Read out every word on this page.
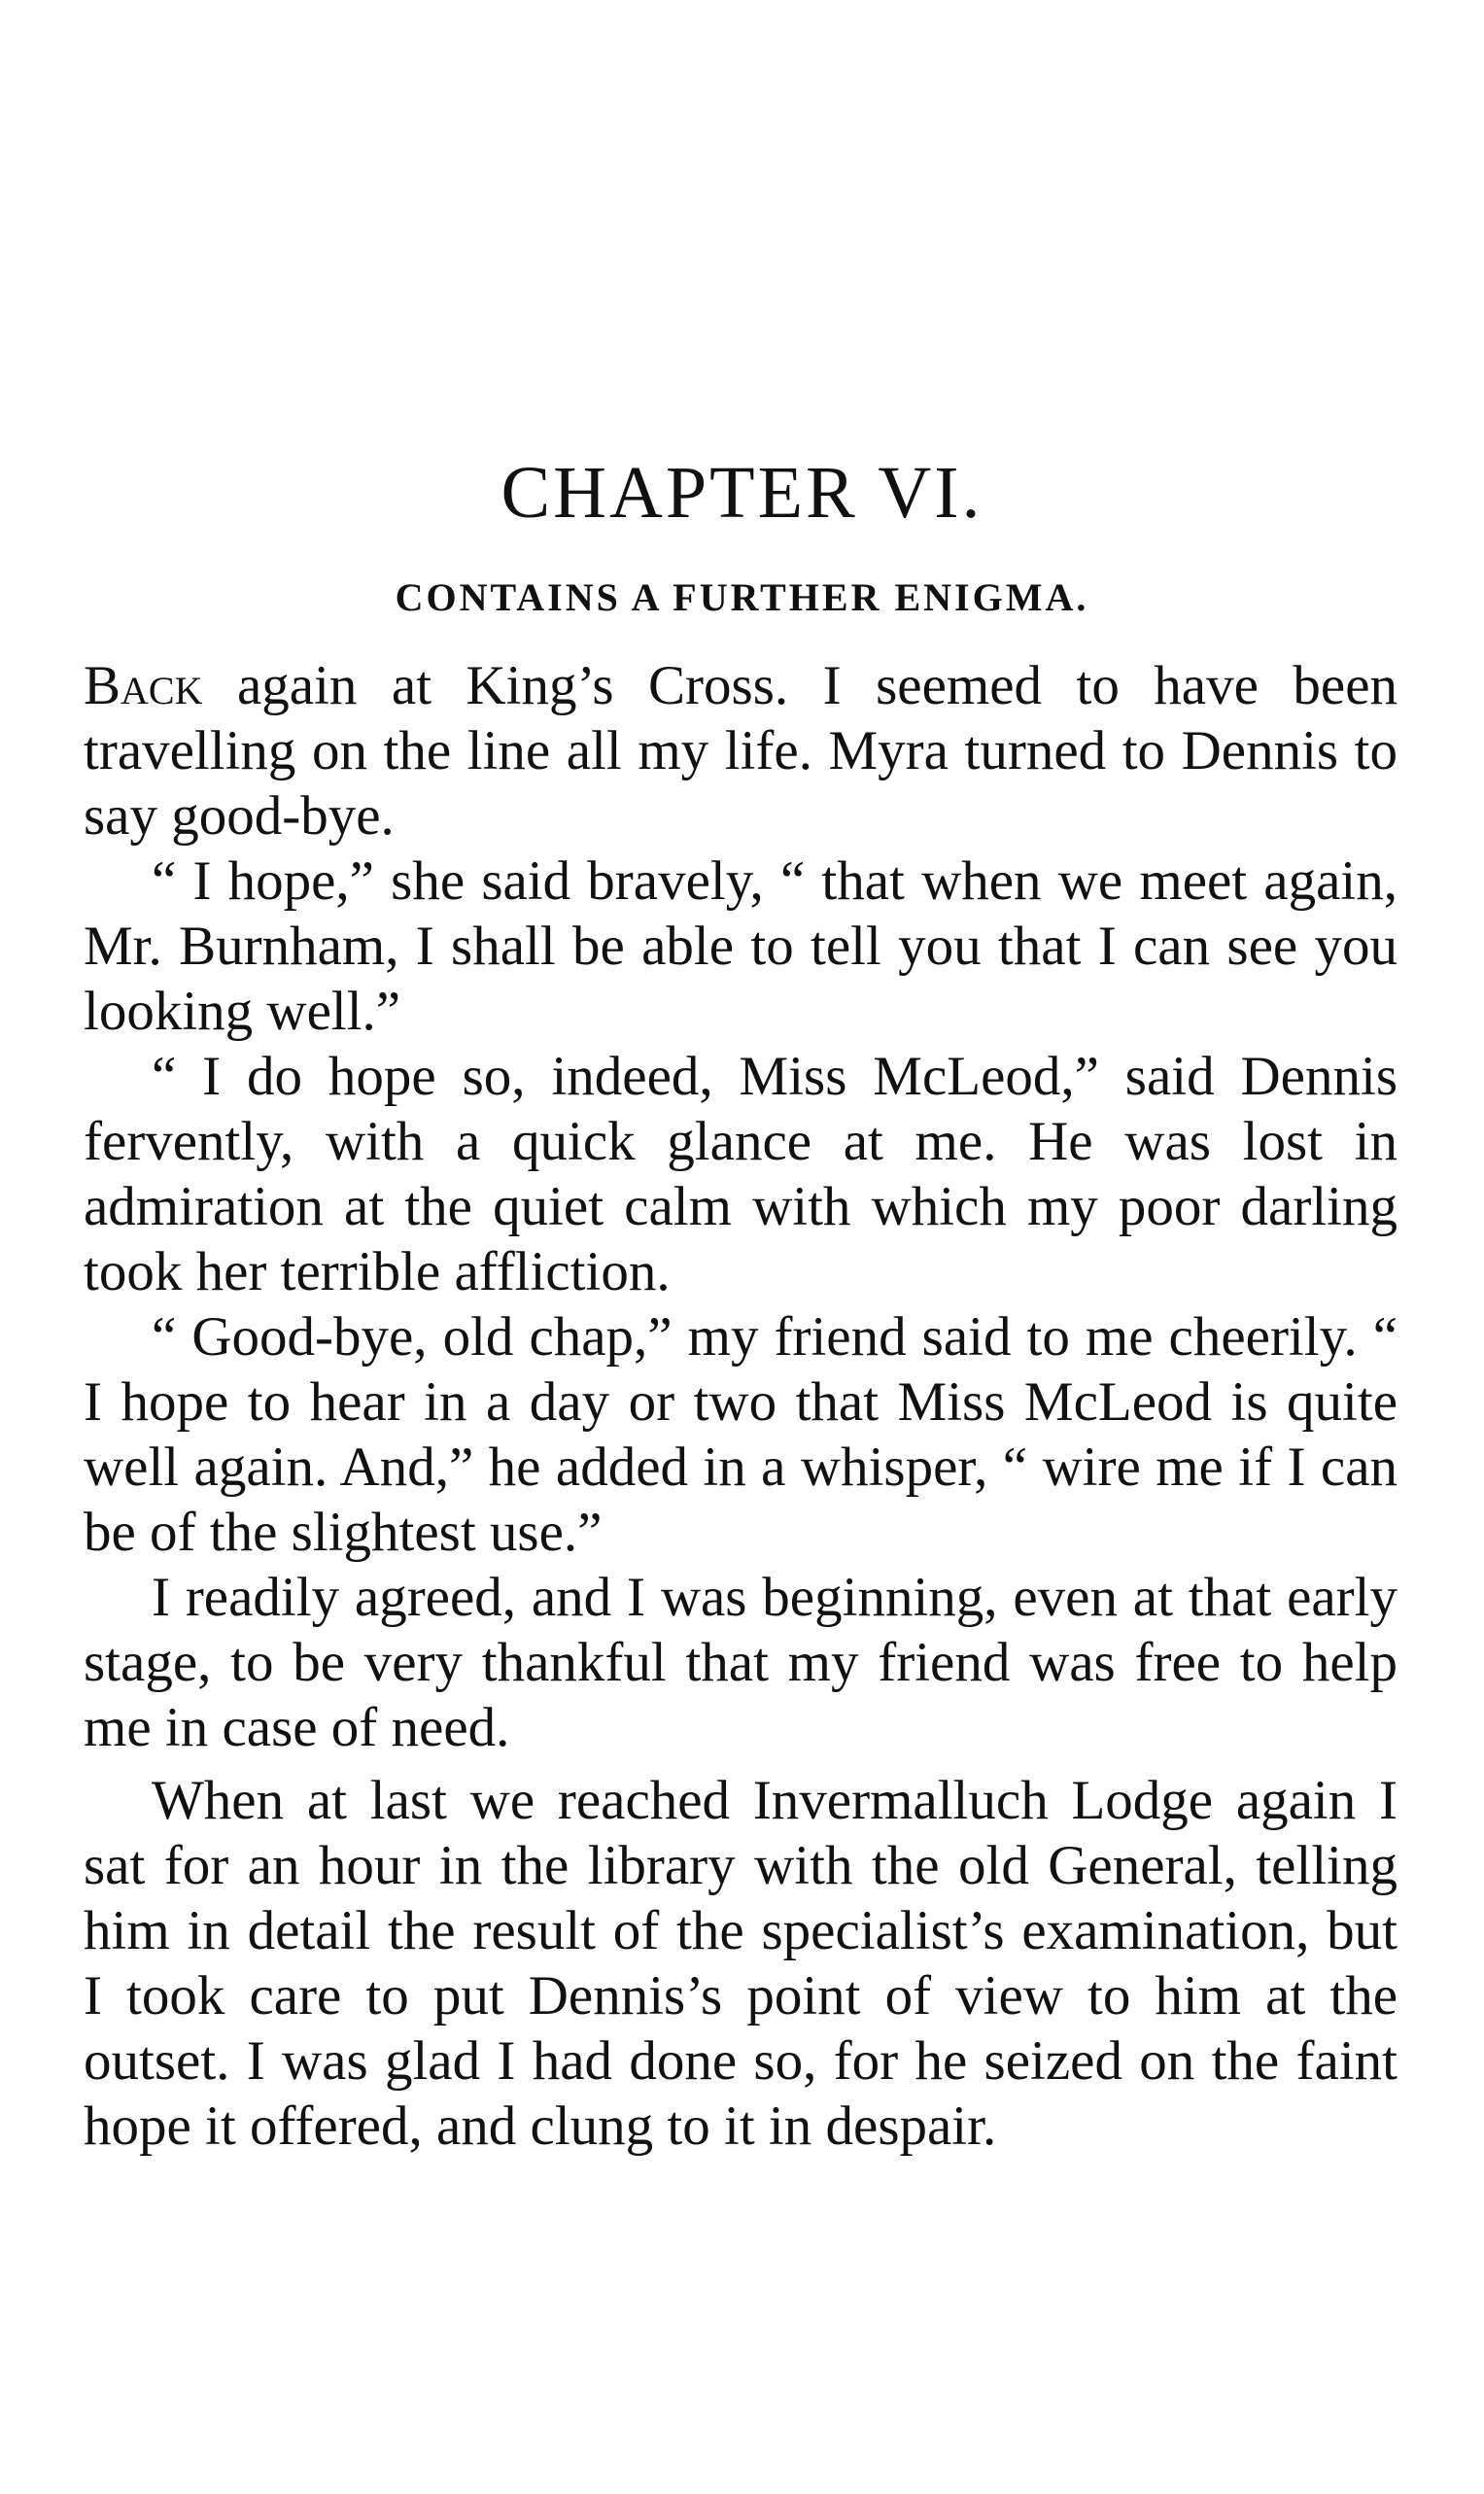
CHAPTER VI.
CONTAINS A FURTHER ENIGMA.

Back again at King’s Cross. I seemed to have been travelling on the line all my life. Myra turned to Dennis to say good-bye.

“ I hope,” she said bravely, “ that when we meet again, Mr. Burnham, I shall be able to tell you that I can see you looking well.”

“ I do hope so, indeed, Miss McLeod,” said Dennis fervently, with a quick glance at me. He was lost in admiration at the quiet calm with which my poor darling took her terrible affliction.

“ Good-bye, old chap,” my friend said to me cheerily. “ I hope to hear in a day or two that Miss McLeod is quite well again. And,” he added in a whisper, “ wire me if I can be of the slightest use.”

I readily agreed, and I was beginning, even at that early stage, to be very thankful that my friend was free to help me in case of need.

When at last we reached Invermalluch Lodge again I sat for an hour in the library with the old General, telling him in detail the result of the specialist’s examination, but I took care to put Dennis’s point of view to him at the outset. I was glad I had done so, for he seized on the faint hope it offered, and clung to it in despair.
